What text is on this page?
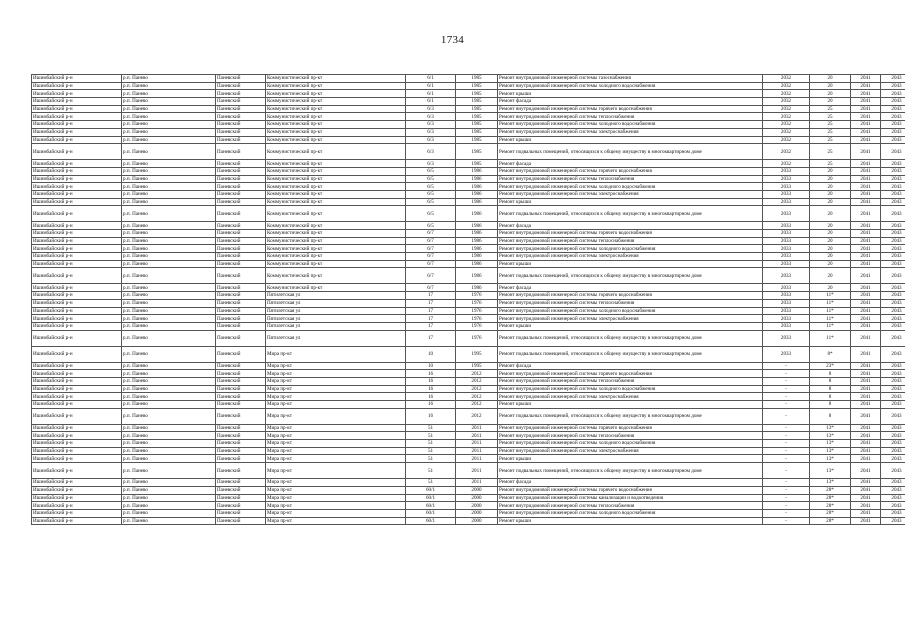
1734
Ишимбайский р-н	р.п. Панево	Паневский	Коммунистический пр-кт	6/1	1985	Ремонт внутридомовой инженерной системы газоснабжения	2032	20	2041	2043
Ишимбайский р-н	р.п. Панево	Паневский	Коммунистический пр-кт	6/1	1985	Ремонт внутридомовой инженерной системы холодного водоснабжения	2032	20	2041	2043
Ишимбайский р-н	р.п. Панево	Паневский	Коммунистический пр-кт	6/1	1985	Ремонт крыши	2032	20	2041	2043
Ишимбайский р-н	р.п. Панево	Паневский	Коммунистический пр-кт	6/1	1985	Ремонт фасада	2032	20	2041	2043
Ишимбайский р-н	р.п. Панево	Паневский	Коммунистический пр-кт	6/3	1985	Ремонт внутридомовой инженерной системы горячего водоснабжения	2032	25	2041	2043
Ишимбайский р-н	р.п. Панево	Паневский	Коммунистический пр-кт	6/3	1985	Ремонт внутридомовой инженерной системы теплоснабжения	2032	25	2041	2043
Ишимбайский р-н	р.п. Панево	Паневский	Коммунистический пр-кт	6/3	1985	Ремонт внутридомовой инженерной системы холодного водоснабжения	2032	25	2041	2043
Ишимбайский р-н	р.п. Панево	Паневский	Коммунистический пр-кт	6/3	1985	Ремонт внутридомовой инженерной системы электроснабжения	2032	25	2041	2043
Ишимбайский р-н	р.п. Панево	Паневский	Коммунистический пр-кт	6/3	1985	Ремонт крыши	2032	25	2041	2043
Ишимбайский р-н	р.п. Панево	Паневский	Коммунистический пр-кт	6/3	1985	Ремонт подвальных помещений, относящихся к общему имуществу в многоквартирном доме	2032	25	2041	2043
Ишимбайский р-н	р.п. Панево	Паневский	Коммунистический пр-кт	6/3	1985	Ремонт фасада	2032	25	2041	2043
Ишимбайский р-н	р.п. Панево	Паневский	Коммунистический пр-кт	6/5	1986	Ремонт внутридомовой инженерной системы горячего водоснабжения	2033	20	2041	2043
Ишимбайский р-н	р.п. Панево	Паневский	Коммунистический пр-кт	6/5	1986	Ремонт внутридомовой инженерной системы теплоснабжения	2033	20	2041	2043
Ишимбайский р-н	р.п. Панево	Паневский	Коммунистический пр-кт	6/5	1986	Ремонт внутридомовой инженерной системы холодного водоснабжения	2033	20	2041	2043
Ишимбайский р-н	р.п. Панево	Паневский	Коммунистический пр-кт	6/5	1986	Ремонт внутридомовой инженерной системы электроснабжения	2033	20	2041	2043
Ишимбайский р-н	р.п. Панево	Паневский	Коммунистический пр-кт	6/5	1986	Ремонт крыши	2033	20	2041	2043
Ишимбайский р-н	р.п. Панево	Паневский	Коммунистический пр-кт	6/5	1986	Ремонт подвальных помещений, относящихся к общему имуществу в многоквартирном доме	2033	20	2041	2043
Ишимбайский р-н	р.п. Панево	Паневский	Коммунистический пр-кт	6/5	1986	Ремонт фасада	2033	20	2041	2043
Ишимбайский р-н	р.п. Панево	Паневский	Коммунистический пр-кт	6/7	1986	Ремонт внутридомовой инженерной системы горячего водоснабжения	2033	20	2041	2043
Ишимбайский р-н	р.п. Панево	Паневский	Коммунистический пр-кт	6/7	1986	Ремонт внутридомовой инженерной системы теплоснабжения	2033	20	2041	2043
Ишимбайский р-н	р.п. Панево	Паневский	Коммунистический пр-кт	6/7	1986	Ремонт внутридомовой инженерной системы холодного водоснабжения	2033	20	2041	2043
Ишимбайский р-н	р.п. Панево	Паневский	Коммунистический пр-кт	6/7	1986	Ремонт внутридомовой инженерной системы электроснабжения	2033	20	2041	2043
Ишимбайский р-н	р.п. Панево	Паневский	Коммунистический пр-кт	6/7	1986	Ремонт крыши	2033	20	2041	2043
Ишимбайский р-н	р.п. Панево	Паневский	Коммунистический пр-кт	6/7	1986	Ремонт подвальных помещений, относящихся к общему имуществу в многоквартирном доме	2033	20	2041	2043
Ишимбайский р-н	р.п. Панево	Паневский	Коммунистический пр-кт	6/7	1986	Ремонт фасада	2033	20	2041	2043
Ишимбайский р-н	р.п. Панево	Паневский	Пятилетская ул	17	1976	Ремонт внутридомовой инженерной системы горячего водоснабжения	2033	11*	2041	2043
Ишимбайский р-н	р.п. Панево	Паневский	Пятилетская ул	17	1976	Ремонт внутридомовой инженерной системы теплоснабжения	2033	11*	2041	2043
Ишимбайский р-н	р.п. Панево	Паневский	Пятилетская ул	17	1976	Ремонт внутридомовой инженерной системы холодного водоснабжения	2033	11*	2041	2043
Ишимбайский р-н	р.п. Панево	Паневский	Пятилетская ул	17	1976	Ремонт внутридомовой инженерной системы электроснабжения	2033	11*	2041	2043
Ишимбайский р-н	р.п. Панево	Паневский	Пятилетская ул	17	1976	Ремонт крыши	2033	11*	2041	2043
Ишимбайский р-н	р.п. Панево	Паневский	Пятилетская ул	17	1976	Ремонт подвальных помещений, относящихся к общему имуществу в многоквартирном доме	2033	11*	2041	2043
Ишимбайский р-н	р.п. Панево	Паневский	Мира пр-кт	10	1995	Ремонт подвальных помещений, относящихся к общему имуществу в многоквартирном доме	2033	8*	2041	2043
Ишимбайский р-н	р.п. Панево	Паневский	Мира пр-кт	10	1995	Ремонт фасада	-	23*	2041	2043
Ишимбайский р-н	р.п. Панево	Паневский	Мира пр-кт	16	2012	Ремонт внутридомовой инженерной системы горячего водоснабжения	-	8	2041	2043
Ишимбайский р-н	р.п. Панево	Паневский	Мира пр-кт	16	2012	Ремонт внутридомовой инженерной системы теплоснабжения	-	8	2041	2043
Ишимбайский р-н	р.п. Панево	Паневский	Мира пр-кт	16	2012	Ремонт внутридомовой инженерной системы холодного водоснабжения	-	8	2041	2043
Ишимбайский р-н	р.п. Панево	Паневский	Мира пр-кт	16	2012	Ремонт внутридомовой инженерной системы электроснабжения	-	8	2041	2043
Ишимбайский р-н	р.п. Панево	Паневский	Мира пр-кт	16	2012	Ремонт крыши	-	8	2041	2043
Ишимбайский р-н	р.п. Панево	Паневский	Мира пр-кт	16	2012	Ремонт подвальных помещений, относящихся к общему имуществу в многоквартирном доме	-	8	2041	2043
Ишимбайский р-н	р.п. Панево	Паневский	Мира пр-кт	51	2011	Ремонт внутридомовой инженерной системы горячего водоснабжения	-	13*	2041	2043
Ишимбайский р-н	р.п. Панево	Паневский	Мира пр-кт	51	2011	Ремонт внутридомовой инженерной системы теплоснабжения	-	13*	2041	2043
Ишимбайский р-н	р.п. Панево	Паневский	Мира пр-кт	51	2011	Ремонт внутридомовой инженерной системы холодного водоснабжения	-	13*	2041	2043
Ишимбайский р-н	р.п. Панево	Паневский	Мира пр-кт	51	2011	Ремонт внутридомовой инженерной системы электроснабжения	-	13*	2041	2043
Ишимбайский р-н	р.п. Панево	Паневский	Мира пр-кт	51	2011	Ремонт крыши	-	13*	2041	2043
Ишимбайский р-н	р.п. Панево	Паневский	Мира пр-кт	51	2011	Ремонт подвальных помещений, относящихся к общему имуществу в многоквартирном доме	-	13*	2041	2043
Ишимбайский р-н	р.п. Панево	Паневский	Мира пр-кт	51	2011	Ремонт фасада	-	13*	2041	2043
Ишимбайский р-н	р.п. Панево	Паневский	Мира пр-кт	60/1	2000	Ремонт внутридомовой инженерной системы горячего водоснабжения	-	28*	2041	2043
Ишимбайский р-н	р.п. Панево	Паневский	Мира пр-кт	60/1	2000	Ремонт внутридомовой инженерной системы канализации и водоотведения	-	28*	2041	2043
Ишимбайский р-н	р.п. Панево	Паневский	Мира пр-кт	60/1	2000	Ремонт внутридомовой инженерной системы теплоснабжения	-	28*	2041	2043
Ишимбайский р-н	р.п. Панево	Паневский	Мира пр-кт	60/1	2000	Ремонт внутридомовой инженерной системы холодного водоснабжения	-	28*	2041	2043
Ишимбайский р-н	р.п. Панево	Паневский	Мира пр-кт	60/1	2000	Ремонт крыши	-	28*	2041	2043
